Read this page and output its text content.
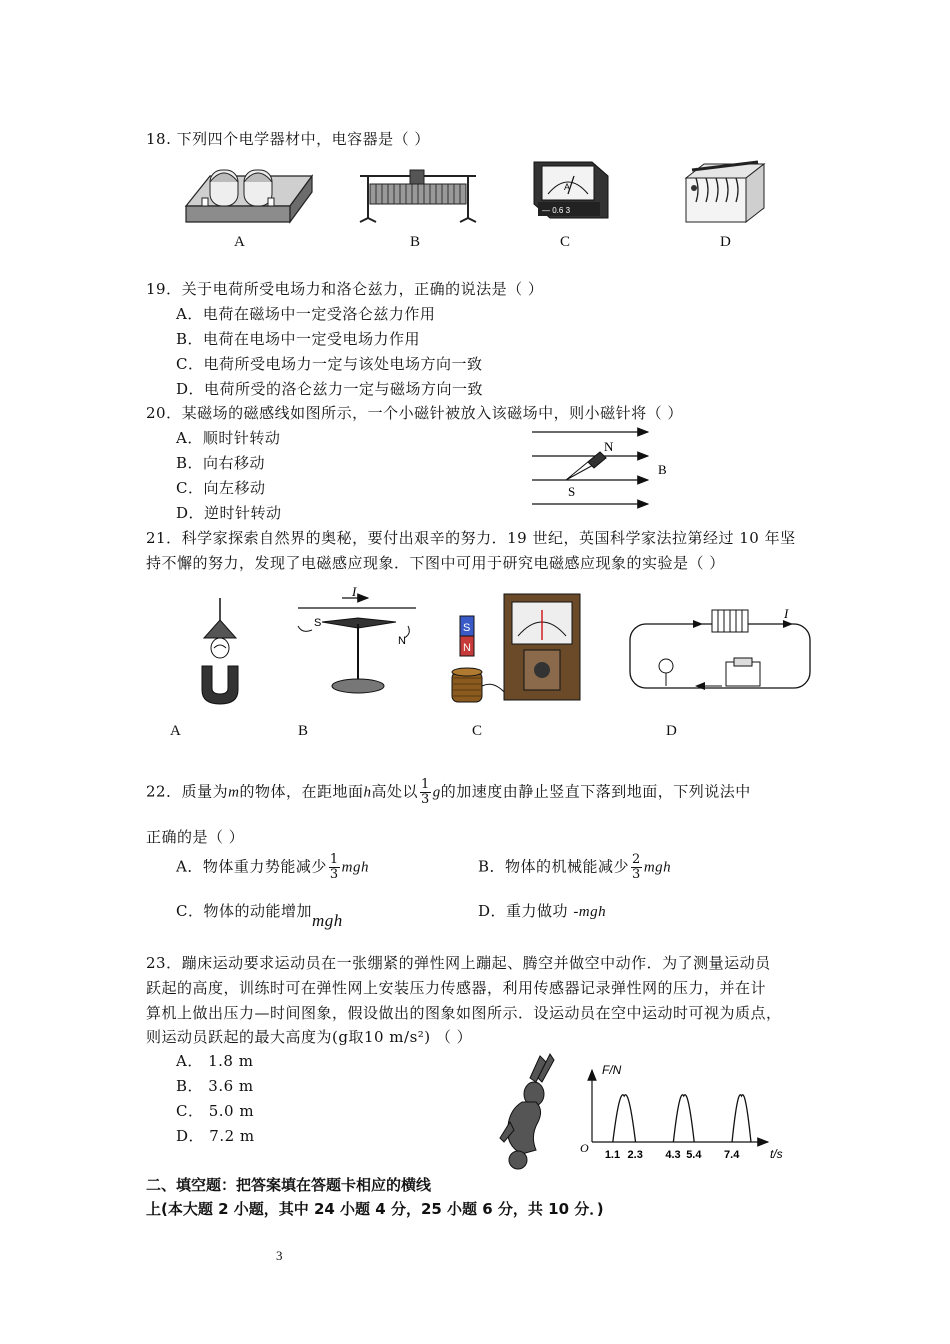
18. 下列四个电学器材中，电容器是（ ）
A	B
A
— 0.6 3
C	D
19．关于电荷所受电场力和洛仑兹力，正确的说法是（ ）
A．电荷在磁场中一定受洛仑兹力作用
B．电荷在电场中一定受电场力作用
C．电荷所受电场力一定与该处电场方向一致
D．电荷所受的洛仑兹力一定与磁场方向一致
20．某磁场的磁感线如图所示，一个小磁针被放入该磁场中，则小磁针将（ ）
A．顺时针转动
B．向右移动
C．向左移动
D．逆时针转动
N
S
B
21．科学家探索自然界的奥秘，要付出艰辛的努力．19 世纪，英国科学家法拉第经过 10 年坚
持不懈的努力，发现了电磁感应现象．下图中可用于研究电磁感应现象的实验是（ ）
A
I
S
N
B
S
N
C
I
D
22．质量为m的物体，在距地面h高处以 $\frac{1}{3}$ g的加速度由静止竖直下落到地面，下列说法中
正确的是（ ）
A．物体重力势能减少 $\frac{1}{3}$ mgh	B．物体的机械能减少 $\frac{2}{3}$ mgh
C．物体的动能增加mgh	D．重力做功 -mgh
23．蹦床运动要求运动员在一张绷紧的弹性网上蹦起、腾空并做空中动作．为了测量运动员
跃起的高度，训练时可在弹性网上安装压力传感器，利用传感器记录弹性网的压力，并在计
算机上做出压力—时间图象，假设做出的图象如图所示．设运动员在空中运动时可视为质点，
则运动员跃起的最大高度为(g取10 m/s²) （ ）
A． 1.8 m
B． 3.6 m
C． 5.0 m
D． 7.2 m
F/N
O	t/s
1.1 2.3 4.3 5.4 7.4
二、填空题：把答案填在答题卡相应的横线
上(本大题 2 小题，其中 24 小题 4 分，25 小题 6 分，共 10 分．)
3
